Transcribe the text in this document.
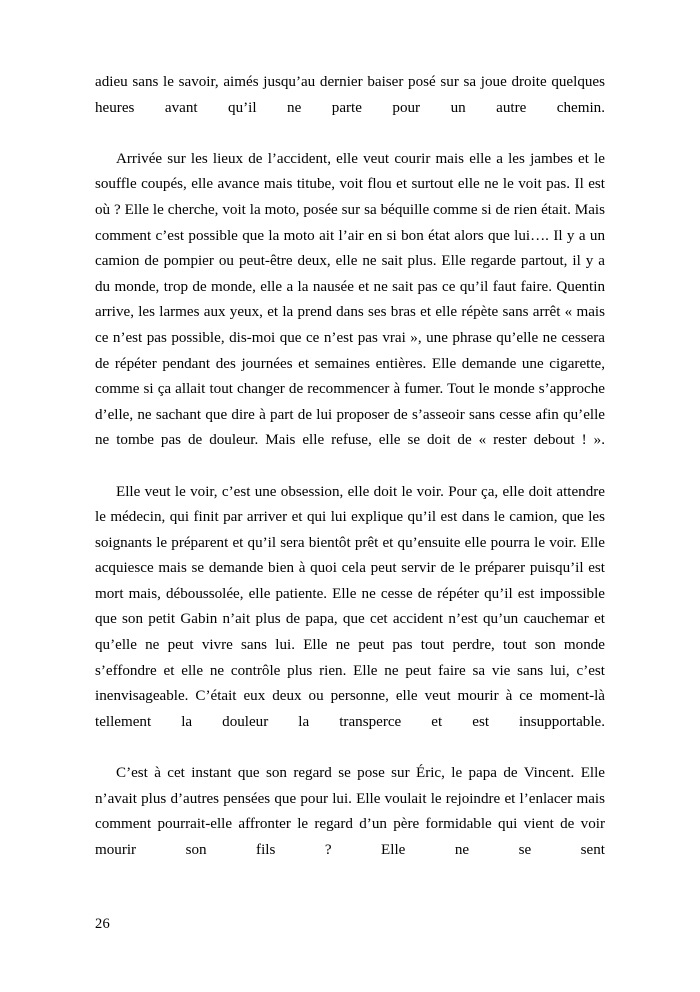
adieu sans le savoir, aimés jusqu’au dernier baiser posé sur sa joue droite quelques heures avant qu’il ne parte pour un autre chemin.

Arrivée sur les lieux de l’accident, elle veut courir mais elle a les jambes et le souffle coupés, elle avance mais titube, voit flou et surtout elle ne le voit pas. Il est où ? Elle le cherche, voit la moto, posée sur sa béquille comme si de rien était. Mais comment c’est possible que la moto ait l’air en si bon état alors que lui…. Il y a un camion de pompier ou peut-être deux, elle ne sait plus. Elle regarde partout, il y a du monde, trop de monde, elle a la nausée et ne sait pas ce qu’il faut faire. Quentin arrive, les larmes aux yeux, et la prend dans ses bras et elle répète sans arrêt « mais ce n’est pas possible, dis-moi que ce n’est pas vrai », une phrase qu’elle ne cessera de répéter pendant des journées et semaines entières. Elle demande une cigarette, comme si ça allait tout changer de recommencer à fumer. Tout le monde s’approche d’elle, ne sachant que dire à part de lui proposer de s’asseoir sans cesse afin qu’elle ne tombe pas de douleur. Mais elle refuse, elle se doit de « rester debout ! ».

Elle veut le voir, c’est une obsession, elle doit le voir. Pour ça, elle doit attendre le médecin, qui finit par arriver et qui lui explique qu’il est dans le camion, que les soignants le préparent et qu’il sera bientôt prêt et qu’ensuite elle pourra le voir. Elle acquiesce mais se demande bien à quoi cela peut servir de le préparer puisqu’il est mort mais, déboussolée, elle patiente. Elle ne cesse de répéter qu’il est impossible que son petit Gabin n’ait plus de papa, que cet accident n’est qu’un cauchemar et qu’elle ne peut vivre sans lui. Elle ne peut pas tout perdre, tout son monde s’effondre et elle ne contrôle plus rien. Elle ne peut faire sa vie sans lui, c’est inenvisageable. C’était eux deux ou personne, elle veut mourir à ce moment-là tellement la douleur la transperce et est insupportable.

C’est à cet instant que son regard se pose sur Éric, le papa de Vincent. Elle n’avait plus d’autres pensées que pour lui. Elle voulait le rejoindre et l’enlacer mais comment pourrait-elle affronter le regard d’un père formidable qui vient de voir mourir son fils ? Elle ne se sent

26
